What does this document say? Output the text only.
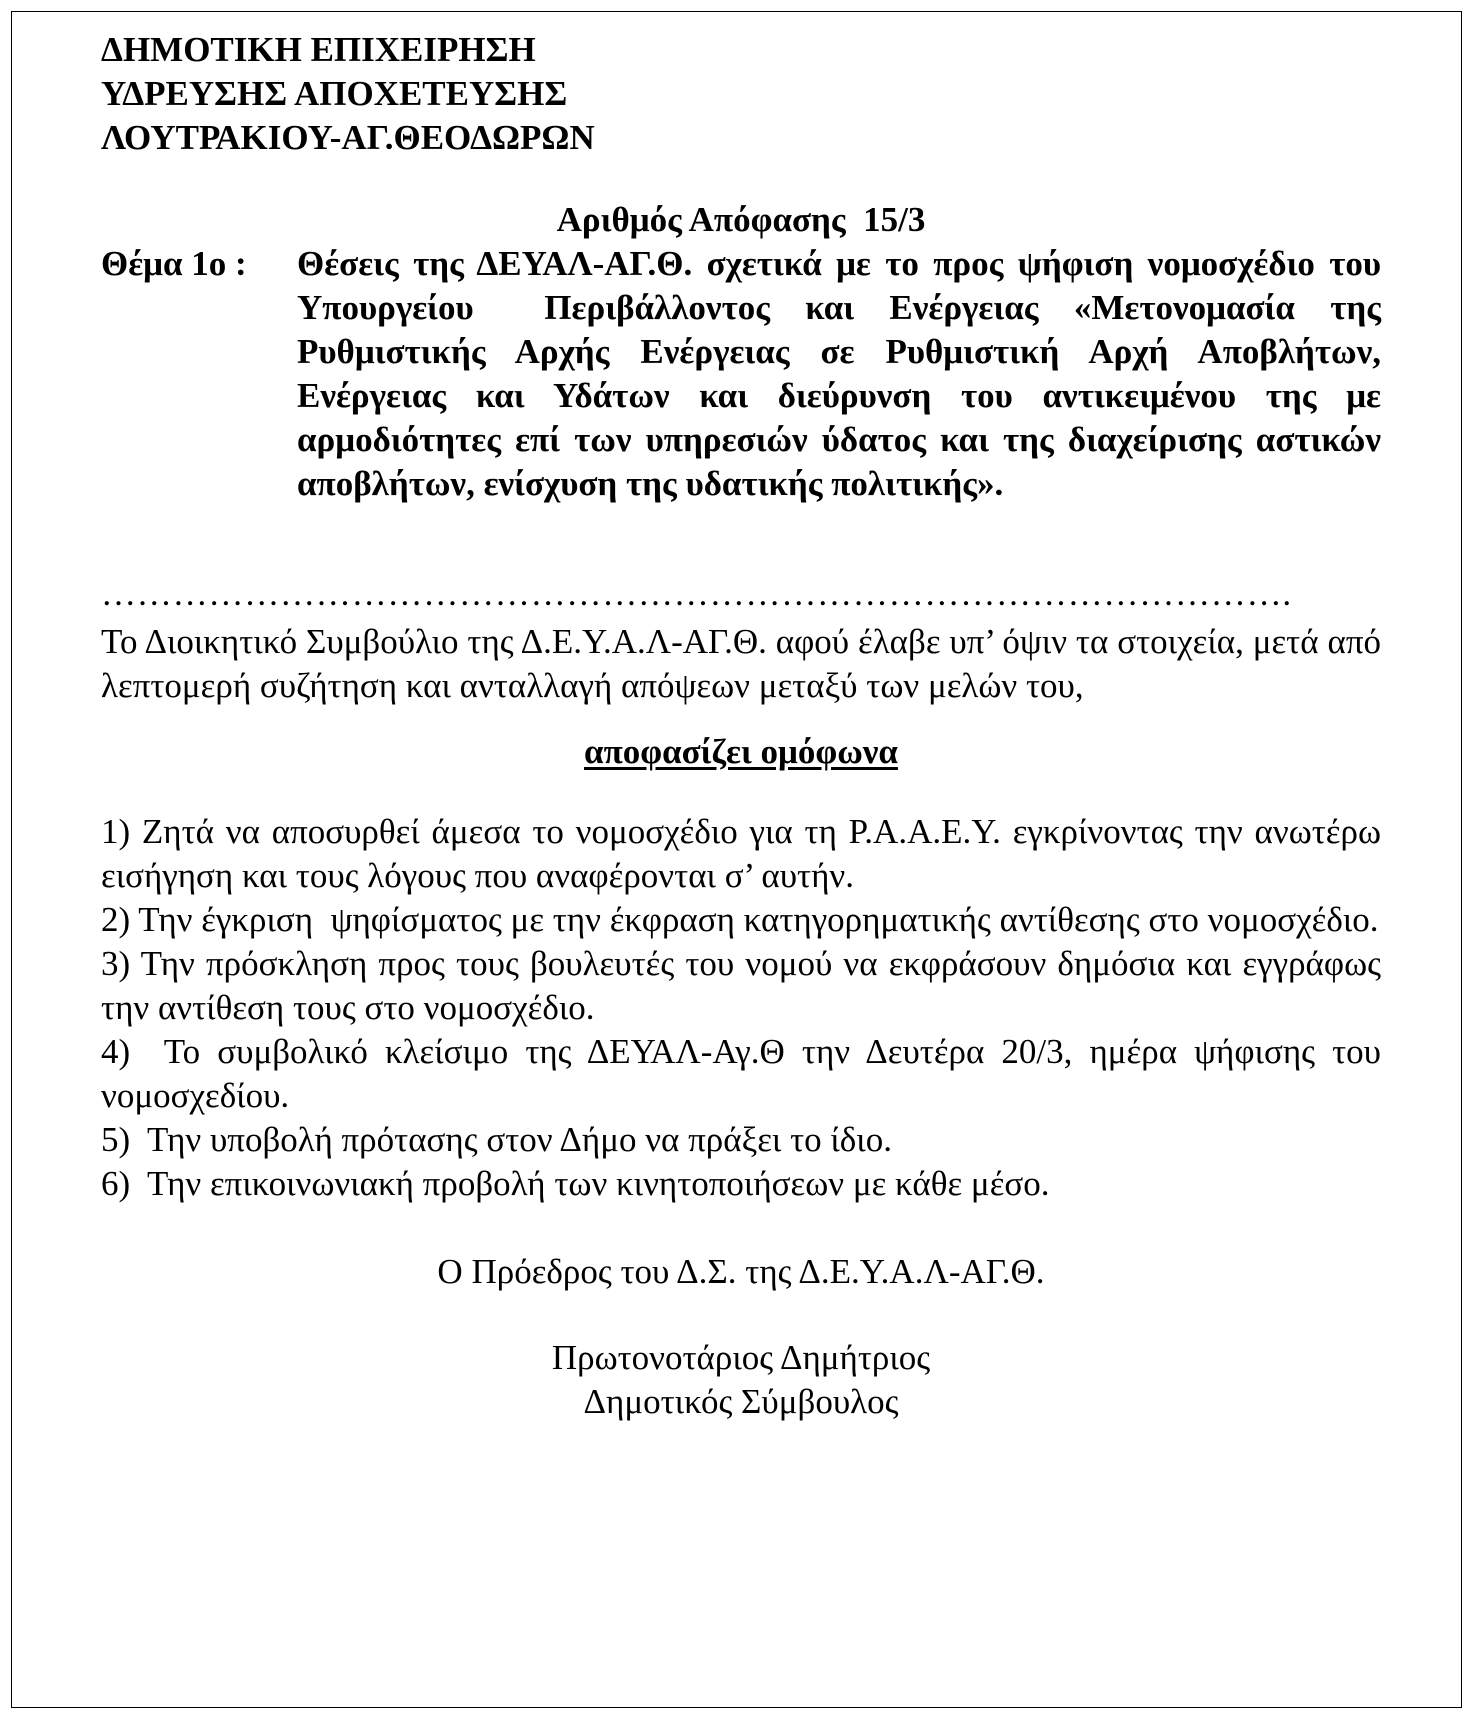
ΔΗΜΟΤΙΚΗ ΕΠΙΧΕΙΡΗΣΗ
ΥΔΡΕΥΣΗΣ ΑΠΟΧΕΤΕΥΣΗΣ
ΛΟΥΤΡΑΚΙΟΥ-ΑΓ.ΘΕΟΔΩΡΩΝ
Αριθμός Απόφασης  15/3
Θέμα 1ο :	Θέσεις της ΔΕΥΑΛ-ΑΓ.Θ. σχετικά με το προς ψήφιση νομοσχέδιο του Υπουργείου  Περιβάλλοντος και Ενέργειας «Μετονομασία της Ρυθμιστικής Αρχής Ενέργειας σε Ρυθμιστική Αρχή Αποβλήτων, Ενέργειας και Υδάτων και διεύρυνση του αντικειμένου της με αρμοδιότητες επί των υπηρεσιών ύδατος και της διαχείρισης αστικών αποβλήτων, ενίσχυση της υδατικής πολιτικής».
……………………………………………………………………………………….
Το Διοικητικό Συμβούλιο της Δ.Ε.Υ.Α.Λ-ΑΓ.Θ. αφού έλαβε υπ’ όψιν τα στοιχεία, μετά από λεπτομερή συζήτηση και ανταλλαγή απόψεων μεταξύ των μελών του,
αποφασίζει ομόφωνα
1) Ζητά να αποσυρθεί άμεσα το νομοσχέδιο για τη Ρ.Α.Α.Ε.Υ. εγκρίνοντας την ανωτέρω εισήγηση και τους λόγους που αναφέρονται σ’ αυτήν.
2) Την έγκριση  ψηφίσματος με την έκφραση κατηγορηματικής αντίθεσης στο νομοσχέδιο.
3) Την πρόσκληση προς τους βουλευτές του νομού να εκφράσουν δημόσια και εγγράφως την αντίθεση τους στο νομοσχέδιο.
4)  Το συμβολικό κλείσιμο της ΔΕΥΑΛ-Αγ.Θ την Δευτέρα 20/3, ημέρα ψήφισης του νομοσχεδίου.
5)  Την υποβολή πρότασης στον Δήμο να πράξει το ίδιο.
6)  Την επικοινωνιακή προβολή των κινητοποιήσεων με κάθε μέσο.
Ο Πρόεδρος του Δ.Σ. της Δ.Ε.Υ.Α.Λ-ΑΓ.Θ.
Πρωτονοτάριος Δημήτριος
Δημοτικός Σύμβουλος
